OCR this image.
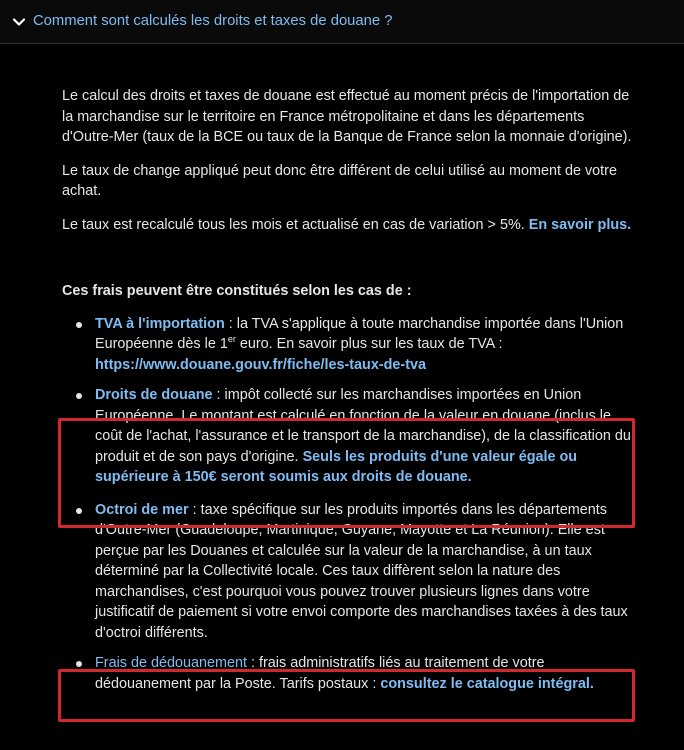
Comment sont calculés les droits et taxes de douane ?

Le calcul des droits et taxes de douane est effectué au moment précis de l'importation de la marchandise sur le territoire en France métropolitaine et dans les départements d'Outre-Mer (taux de la BCE ou taux de la Banque de France selon la monnaie d'origine).

Le taux de change appliqué peut donc être différent de celui utilisé au moment de votre achat.

Le taux est recalculé tous les mois et actualisé en cas de variation > 5%. En savoir plus.

Ces frais peuvent être constitués selon les cas de :
TVA à l'importation : la TVA s'applique à toute marchandise importée dans l'Union Européenne dès le 1er euro. En savoir plus sur les taux de TVA : https://www.douane.gouv.fr/fiche/les-taux-de-tva
Droits de douane : impôt collecté sur les marchandises importées en Union Européenne. Le montant est calculé en fonction de la valeur en douane (inclus le coût de l'achat, l'assurance et le transport de la marchandise), de la classification du produit et de son pays d'origine. Seuls les produits d'une valeur égale ou supérieure à 150€ seront soumis aux droits de douane.
Octroi de mer : taxe spécifique sur les produits importés dans les départements d'Outre-Mer (Guadeloupe, Martinique, Guyane, Mayotte et La Réunion). Elle est perçue par les Douanes et calculée sur la valeur de la marchandise, à un taux déterminé par la Collectivité locale. Ces taux diffèrent selon la nature des marchandises, c'est pourquoi vous pouvez trouver plusieurs lignes dans votre justificatif de paiement si votre envoi comporte des marchandises taxées à des taux d'octroi différents.
Frais de dédouanement : frais administratifs liés au traitement de votre dédouanement par la Poste. Tarifs postaux : consultez le catalogue intégral.
